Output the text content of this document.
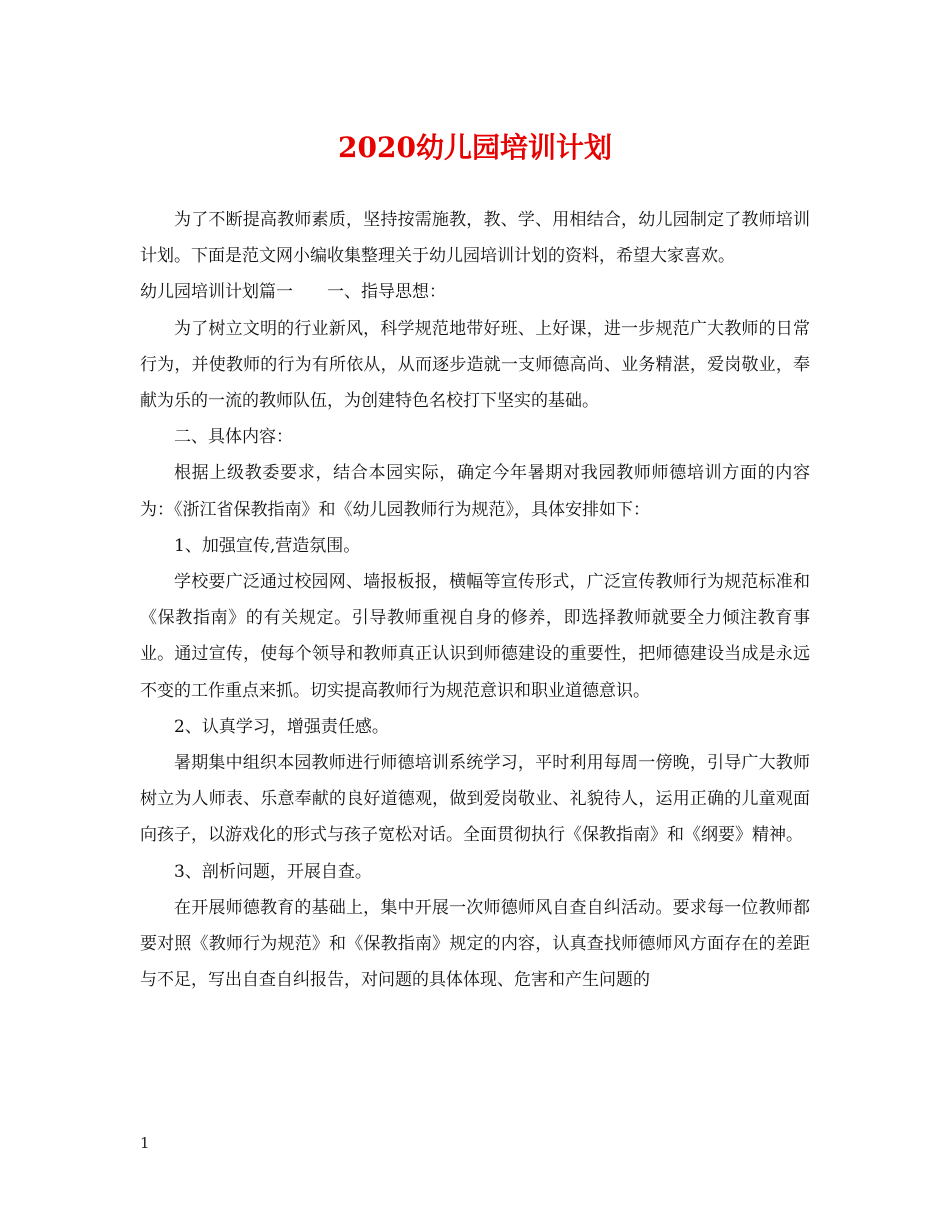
2020幼儿园培训计划

为了不断提高教师素质，坚持按需施教，教、学、用相结合，幼儿园制定了教师培训计划。下面是范文网小编收集整理关于幼儿园培训计划的资料，希望大家喜欢。

幼儿园培训计划篇一　　一、指导思想：

为了树立文明的行业新风，科学规范地带好班、上好课，进一步规范广大教师的日常行为，并使教师的行为有所依从，从而逐步造就一支师德高尚、业务精湛，爱岗敬业，奉献为乐的一流的教师队伍，为创建特色名校打下坚实的基础。

二、具体内容：

根据上级教委要求，结合本园实际，确定今年暑期对我园教师师德培训方面的内容为：《浙江省保教指南》和《幼儿园教师行为规范》，具体安排如下：

1、加强宣传,营造氛围。

学校要广泛通过校园网、墙报板报，横幅等宣传形式，广泛宣传教师行为规范标准和《保教指南》的有关规定。引导教师重视自身的修养，即选择教师就要全力倾注教育事业。通过宣传，使每个领导和教师真正认识到师德建设的重要性，把师德建设当成是永远不变的工作重点来抓。切实提高教师行为规范意识和职业道德意识。

2、认真学习，增强责任感。

暑期集中组织本园教师进行师德培训系统学习，平时利用每周一傍晚，引导广大教师树立为人师表、乐意奉献的良好道德观，做到爱岗敬业、礼貌待人，运用正确的儿童观面向孩子，以游戏化的形式与孩子宽松对话。全面贯彻执行《保教指南》和《纲要》精神。

3、剖析问题，开展自查。

在开展师德教育的基础上，集中开展一次师德师风自查自纠活动。要求每一位教师都要对照《教师行为规范》和《保教指南》规定的内容，认真查找师德师风方面存在的差距与不足，写出自查自纠报告，对问题的具体体现、危害和产生问题的

1
